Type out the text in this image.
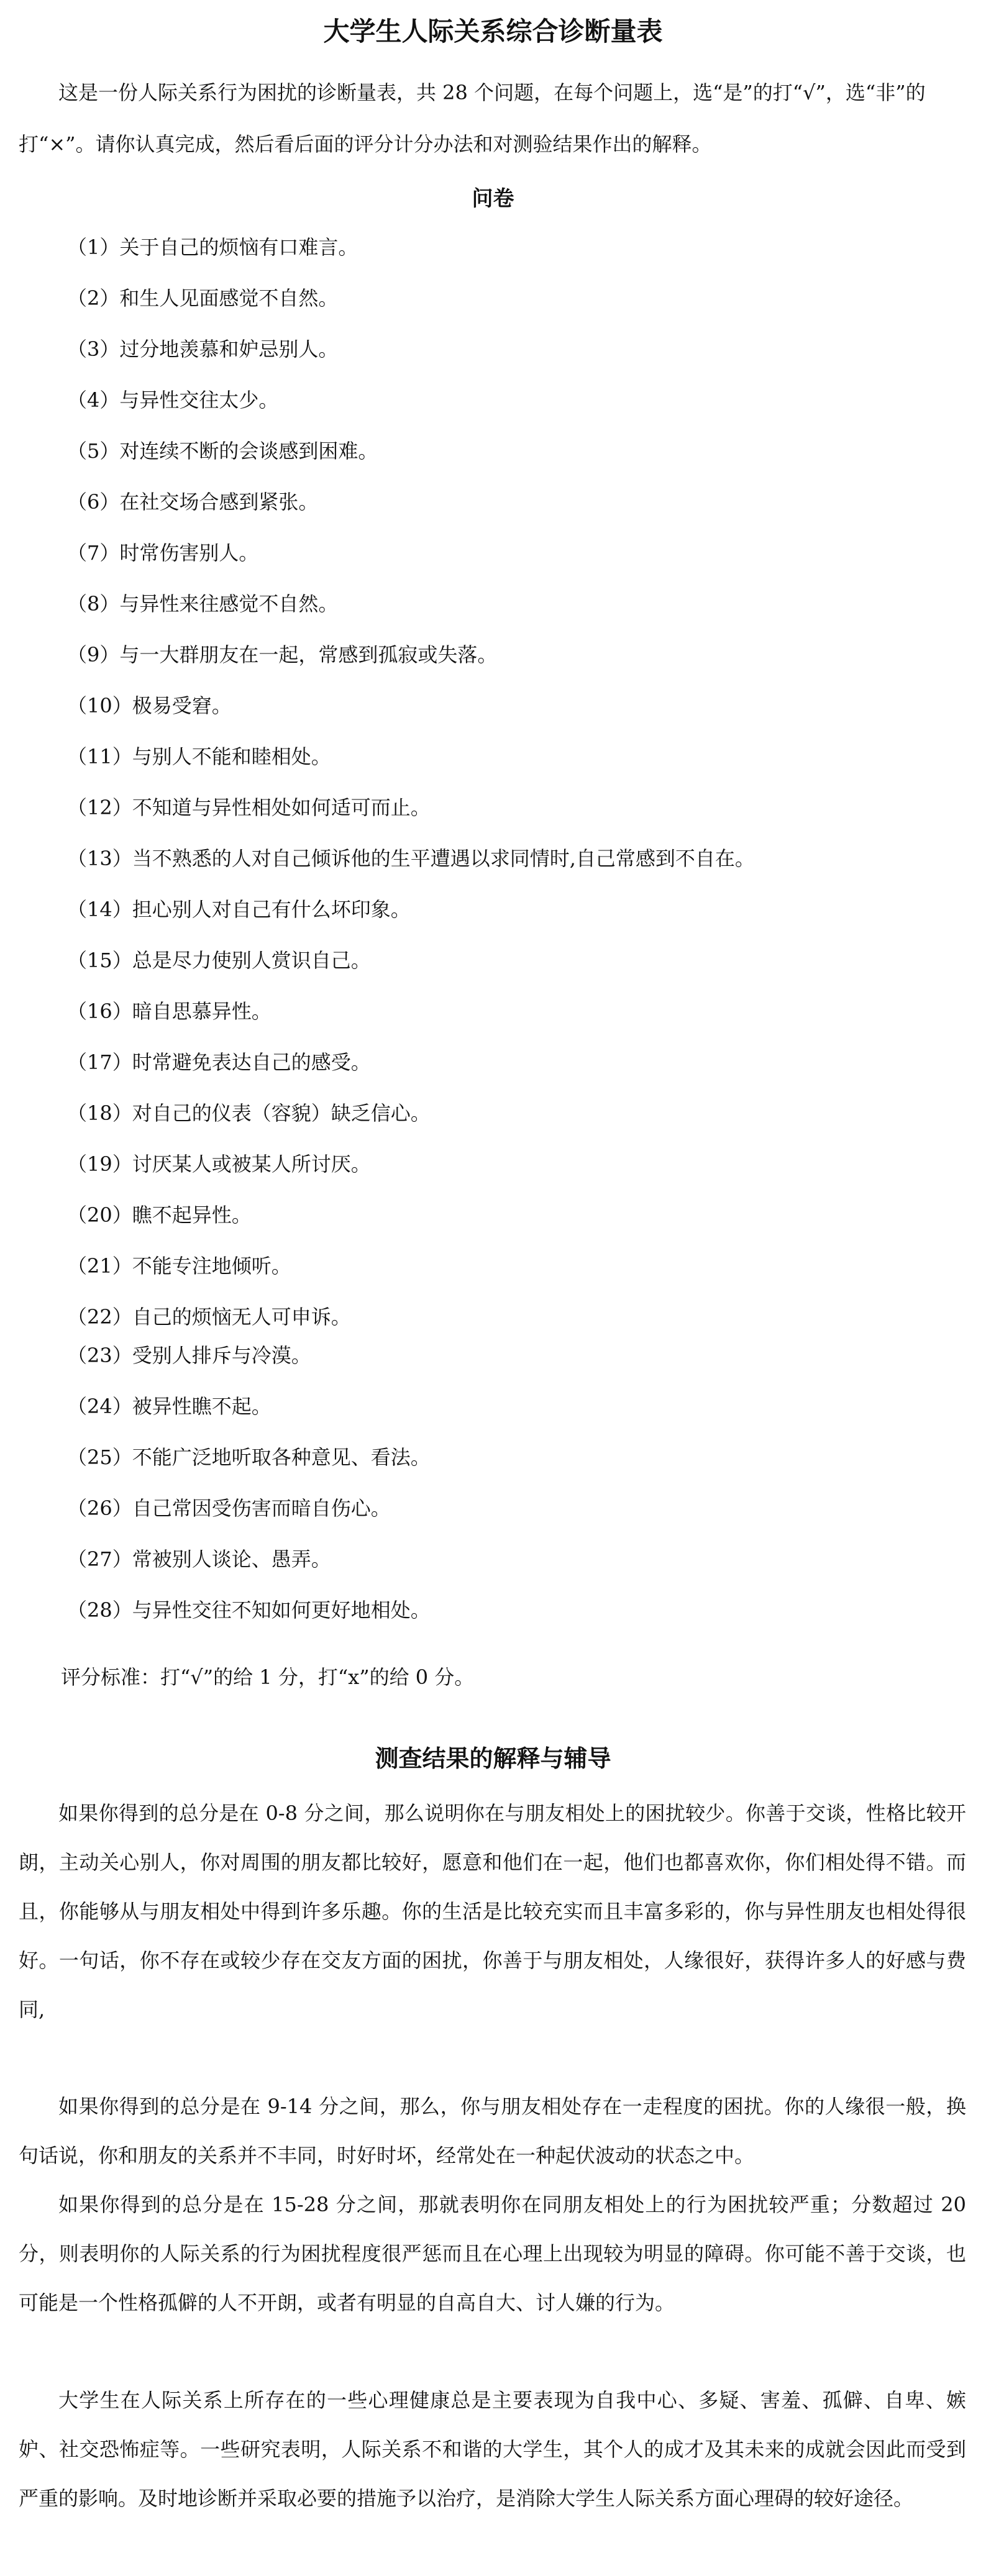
大学生人际关系综合诊断量表
这是一份人际关系行为困扰的诊断量表，共 28 个问题，在每个问题上，选“是”的打“√”，选“非”的打“×”。请你认真完成，然后看后面的评分计分办法和对测验结果作出的解释。
问卷
（1）关于自己的烦恼有口难言。
（2）和生人见面感觉不自然。
（3）过分地羡慕和妒忌别人。
（4）与异性交往太少。
（5）对连续不断的会谈感到困难。
（6）在社交场合感到紧张。
（7）时常伤害别人。
（8）与异性来往感觉不自然。
（9）与一大群朋友在一起，常感到孤寂或失落。
（10）极易受窘。
（11）与别人不能和睦相处。
（12）不知道与异性相处如何适可而止。
（13）当不熟悉的人对自己倾诉他的生平遭遇以求同情时,自己常感到不自在。
（14）担心别人对自己有什么坏印象。
（15）总是尽力使别人赏识自己。
（16）暗自思慕异性。
（17）时常避免表达自己的感受。
（18）对自己的仪表（容貌）缺乏信心。
（19）讨厌某人或被某人所讨厌。
（20）瞧不起异性。
（21）不能专注地倾听。
（22）自己的烦恼无人可申诉。
（23）受别人排斥与冷漠。
（24）被异性瞧不起。
（25）不能广泛地听取各种意见、看法。
（26）自己常因受伤害而暗自伤心。
（27）常被别人谈论、愚弄。
（28）与异性交往不知如何更好地相处。
评分标准：打“√”的给 1 分，打“x”的给 0 分。
测查结果的解释与辅导
如果你得到的总分是在 0-8 分之间，那么说明你在与朋友相处上的困扰较少。你善于交谈，性格比较开朗，主动关心别人，你对周围的朋友都比较好，愿意和他们在一起，他们也都喜欢你，你们相处得不错。而且，你能够从与朋友相处中得到许多乐趣。你的生活是比较充实而且丰富多彩的，你与异性朋友也相处得很好。一句话，你不存在或较少存在交友方面的困扰，你善于与朋友相处，人缘很好，获得许多人的好感与费同,
如果你得到的总分是在 9-14 分之间，那么，你与朋友相处存在一走程度的困扰。你的人缘很一般，换句话说，你和朋友的关系并不丰同，时好时坏，经常处在一种起伏波动的状态之中。
如果你得到的总分是在 15-28 分之间，那就表明你在同朋友相处上的行为困扰较严重；分数超过 20 分，则表明你的人际关系的行为困扰程度很严惩而且在心理上出现较为明显的障碍。你可能不善于交谈，也可能是一个性格孤僻的人不开朗，或者有明显的自高自大、讨人嫌的行为。
大学生在人际关系上所存在的一些心理健康总是主要表现为自我中心、多疑、害羞、孤僻、自卑、嫉妒、社交恐怖症等。一些研究表明，人际关系不和谐的大学生，其个人的成才及其未来的成就会因此而受到严重的影响。及时地诊断并采取必要的措施予以治疗，是消除大学生人际关系方面心理碍的较好途径。
